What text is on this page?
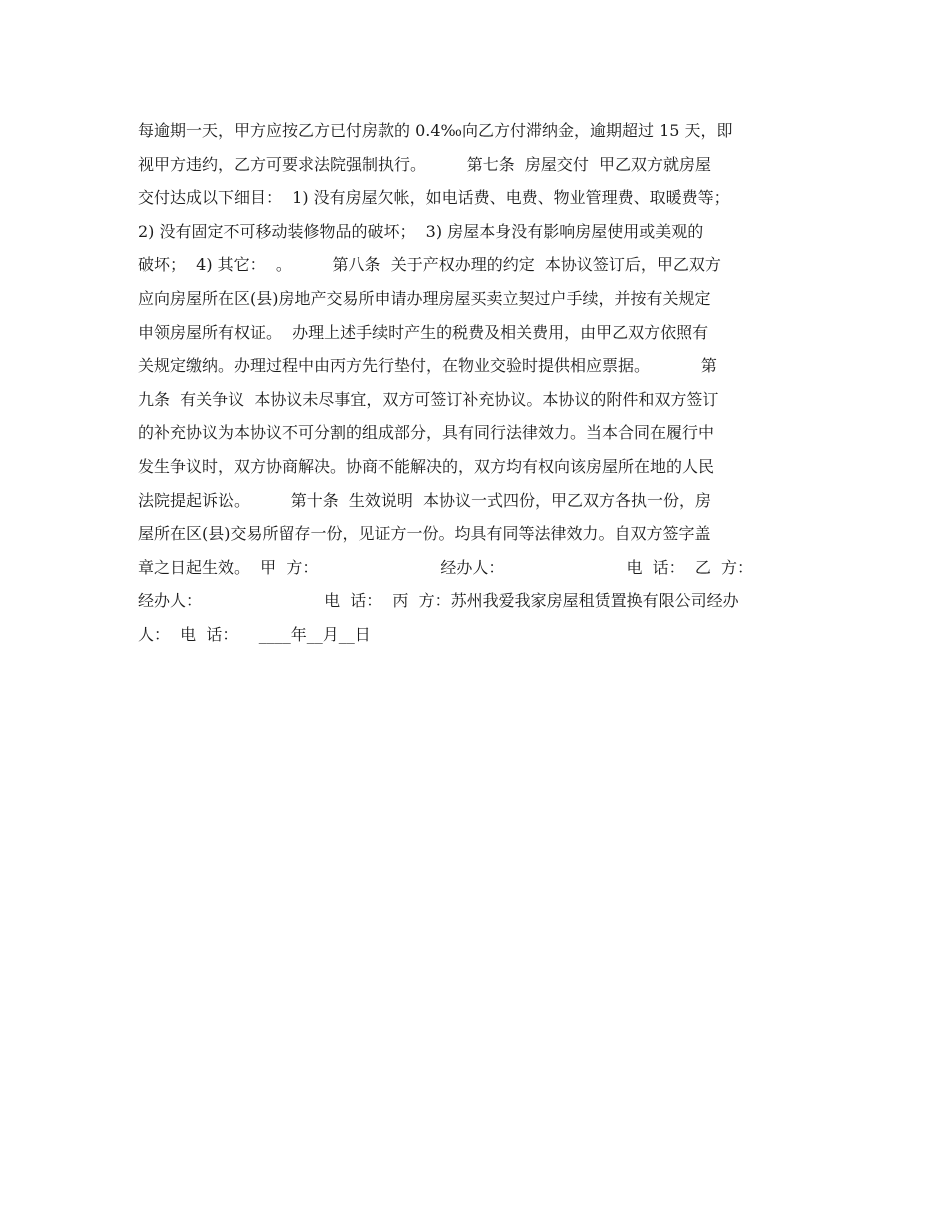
每逾期一天，甲方应按乙方已付房款的 0.4‰向乙方付滞纳金，逾期超过 15 天，即
视甲方违约，乙方可要求法院强制执行。        第七条  房屋交付  甲乙双方就房屋
交付达成以下细目：  1) 没有房屋欠帐，如电话费、电费、物业管理费、取暖费等；
2) 没有固定不可移动装修物品的破坏；  3) 房屋本身没有影响房屋使用或美观的
破坏；  4) 其它：  。        第八条  关于产权办理的约定  本协议签订后，甲乙双方
应向房屋所在区(县)房地产交易所申请办理房屋买卖立契过户手续，并按有关规定
申领房屋所有权证。  办理上述手续时产生的税费及相关费用，由甲乙双方依照有
关规定缴纳。办理过程中由丙方先行垫付，在物业交验时提供相应票据。          第
九条  有关争议  本协议未尽事宜，双方可签订补充协议。本协议的附件和双方签订
的补充协议为本协议不可分割的组成部分，具有同行法律效力。当本合同在履行中
发生争议时，双方协商解决。协商不能解决的，双方均有权向该房屋所在地的人民
法院提起诉讼。        第十条  生效说明  本协议一式四份，甲乙双方各执一份，房
屋所在区(县)交易所留存一份，见证方一份。均具有同等法律效力。自双方签字盖
章之日起生效。  甲  方：                        经办人：                        电  话：  乙  方：
经办人：                        电  话：  丙  方：苏州我爱我家房屋租赁置换有限公司经办
人：  电  话：    ____年__月__日
